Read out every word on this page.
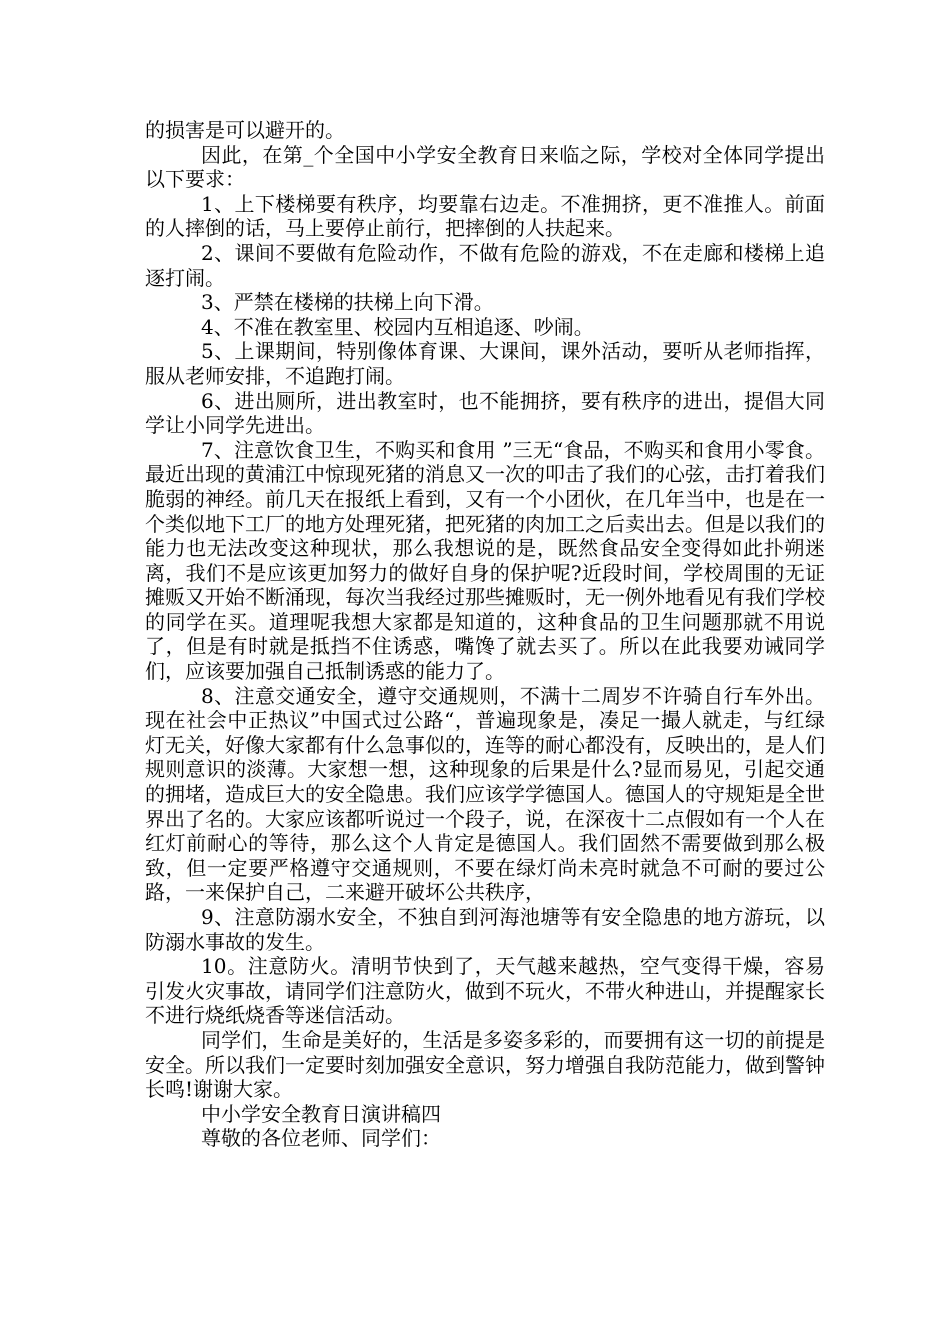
的损害是可以避开的。

因此，在第_个全国中小学安全教育日来临之际，学校对全体同学提出以下要求：

1、上下楼梯要有秩序，均要靠右边走。不准拥挤，更不准推人。前面的人摔倒的话，马上要停止前行，把摔倒的人扶起来。

2、课间不要做有危险动作，不做有危险的游戏，不在走廊和楼梯上追逐打闹。

3、严禁在楼梯的扶梯上向下滑。

4、不准在教室里、校园内互相追逐、吵闹。

5、上课期间，特别像体育课、大课间，课外活动，要听从老师指挥，服从老师安排，不追跑打闹。

6、进出厕所，进出教室时，也不能拥挤，要有秩序的进出，提倡大同学让小同学先进出。

7、注意饮食卫生，不购买和食用 ”三无“食品，不购买和食用小零食。 最近出现的黄浦江中惊现死猪的消息又一次的叩击了我们的心弦，击打着我们脆弱的神经。前几天在报纸上看到，又有一个小团伙，在几年当中，也是在一个类似地下工厂的地方处理死猪，把死猪的肉加工之后卖出去。但是以我们的能力也无法改变这种现状，那么我想说的是，既然食品安全变得如此扑朔迷离，我们不是应该更加努力的做好自身的保护呢?近段时间，学校周围的无证摊贩又开始不断涌现，每次当我经过那些摊贩时，无一例外地看见有我们学校的同学在买。道理呢我想大家都是知道的，这种食品的卫生问题那就不用说了，但是有时就是抵挡不住诱惑，嘴馋了就去买了。所以在此我要劝诫同学们，应该要加强自己抵制诱惑的能力了。

8、注意交通安全，遵守交通规则，不满十二周岁不许骑自行车外出。 现在社会中正热议”中国式过公路“，普遍现象是，凑足一撮人就走，与红绿灯无关，好像大家都有什么急事似的，连等的耐心都没有，反映出的，是人们规则意识的淡薄。大家想一想，这种现象的后果是什么?显而易见，引起交通的拥堵，造成巨大的安全隐患。我们应该学学德国人。德国人的守规矩是全世界出了名的。大家应该都听说过一个段子，说，在深夜十二点假如有一个人在红灯前耐心的等待，那么这个人肯定是德国人。我们固然不需要做到那么极致，但一定要严格遵守交通规则，不要在绿灯尚未亮时就急不可耐的要过公路，一来保护自己，二来避开破坏公共秩序，

9、注意防溺水安全，不独自到河海池塘等有安全隐患的地方游玩，以防溺水事故的发生。

10。注意防火。清明节快到了，天气越来越热，空气变得干燥，容易引发火灾事故，请同学们注意防火，做到不玩火，不带火种进山，并提醒家长不进行烧纸烧香等迷信活动。

同学们，生命是美好的，生活是多姿多彩的，而要拥有这一切的前提是安全。所以我们一定要时刻加强安全意识，努力增强自我防范能力，做到警钟长鸣!谢谢大家。

中小学安全教育日演讲稿四

尊敬的各位老师、同学们：
